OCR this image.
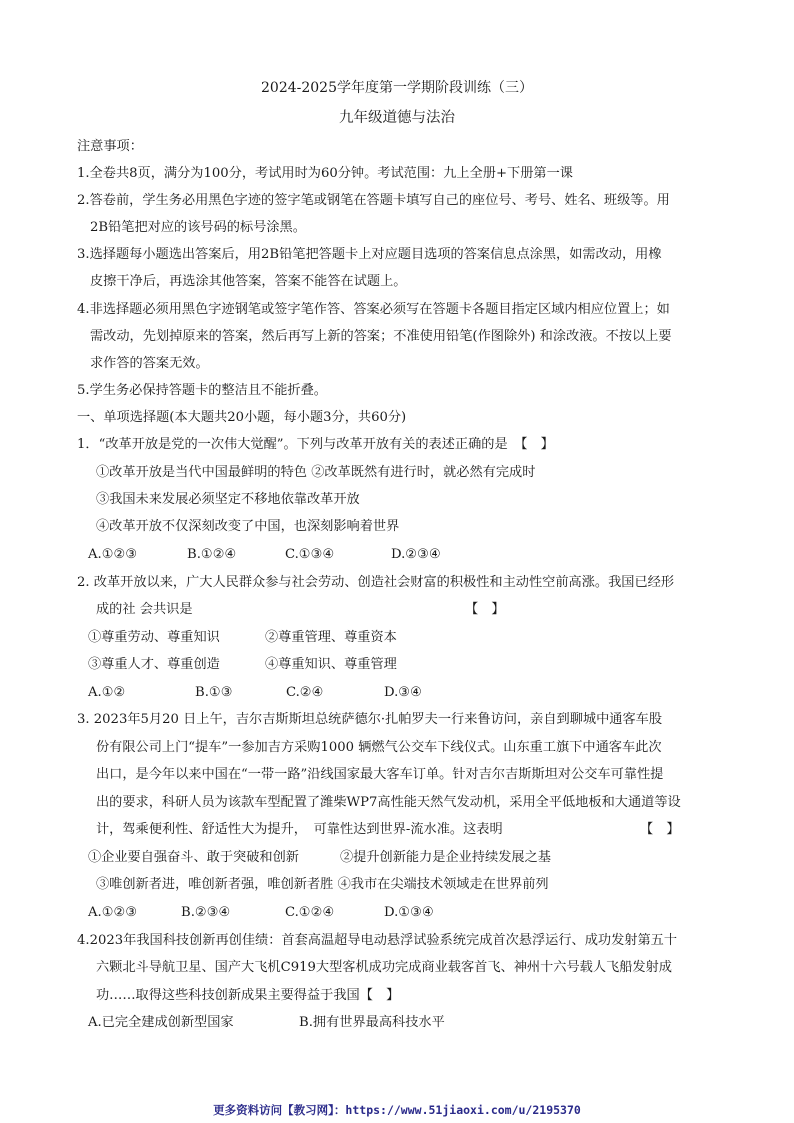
2024-2025学年度第一学期阶段训练（三）
九年级道德与法治
注意事项：
1.全卷共8页，满分为100分，考试用时为60分钟。考试范围：九上全册+下册第一课
2.答卷前，学生务必用黑色字迹的签字笔或钢笔在答题卡填写自己的座位号、考号、姓名、班级等。用
2B铅笔把对应的该号码的标号涂黑。
3.选择题每小题选出答案后，用2B铅笔把答题卡上对应题目选项的答案信息点涂黑，如需改动，用橡
皮擦干净后，再选涂其他答案，答案不能答在试题上。
4.非选择题必须用黑色字迹钢笔或签字笔作答、答案必须写在答题卡各题目指定区域内相应位置上；如
需改动，先划掉原来的答案，然后再写上新的答案；不准使用铅笔(作图除外) 和涂改液。不按以上要
求作答的答案无效。
5.学生务必保持答题卡的整洁且不能折叠。
一、单项选择题(本大题共20小题，每小题3分，共60分)
1．“改革开放是党的一次伟大觉醒”。下列与改革开放有关的表述正确的是　【　】
①改革开放是当代中国最鲜明的特色 ②改革既然有进行时，就必然有完成时
③我国未来发展必须坚定不移地依靠改革开放
④改革开放不仅深刻改变了中国，也深刻影响着世界
A.①②③	B.①②④	C.①③④	D.②③④
2. 改革开放以来，广大人民群众参与社会劳动、创造社会财富的积极性和主动性空前高涨。我国已经形
成的社 会共识是	【　】
①尊重劳动、尊重知识	②尊重管理、尊重资本
③尊重人才、尊重创造	④尊重知识、尊重管理
A.①②	B.①③	C.②④	D.③④
3. 2023年5月20 日上午，吉尔吉斯斯坦总统萨德尔·扎帕罗夫一行来鲁访问，亲自到聊城中通客车股
份有限公司上门“提车”一参加吉方采购1000 辆燃气公交车下线仪式。山东重工旗下中通客车此次
出口，是今年以来中国在“一带一路”沿线国家最大客车订单。针对吉尔吉斯斯坦对公交车可靠性提
出的要求，科研人员为该款车型配置了潍柴WP7高性能天然气发动机，采用全平低地板和大通道等设
计，驾乘便利性、舒适性大为提升，　可靠性达到世界-流水准。这表明	【　】
①企业要自强奋斗、敢于突破和创新	②提升创新能力是企业持续发展之基
③唯创新者进，唯创新者强，唯创新者胜 ④我市在尖端技术领域走在世界前列
A.①②③	B.②③④	C.①②④	D.①③④
4.2023年我国科技创新再创佳绩：首套高温超导电动悬浮试验系统完成首次悬浮运行、成功发射第五十
六颗北斗导航卫星、国产大飞机C919大型客机成功完成商业载客首飞、神州十六号载人飞船发射成
功……取得这些科技创新成果主要得益于我国【　】
A.已完全建成创新型国家	B.拥有世界最高科技水平
更多资料访问【教习网】：https://www.51jiaoxi.com/u/2195370
